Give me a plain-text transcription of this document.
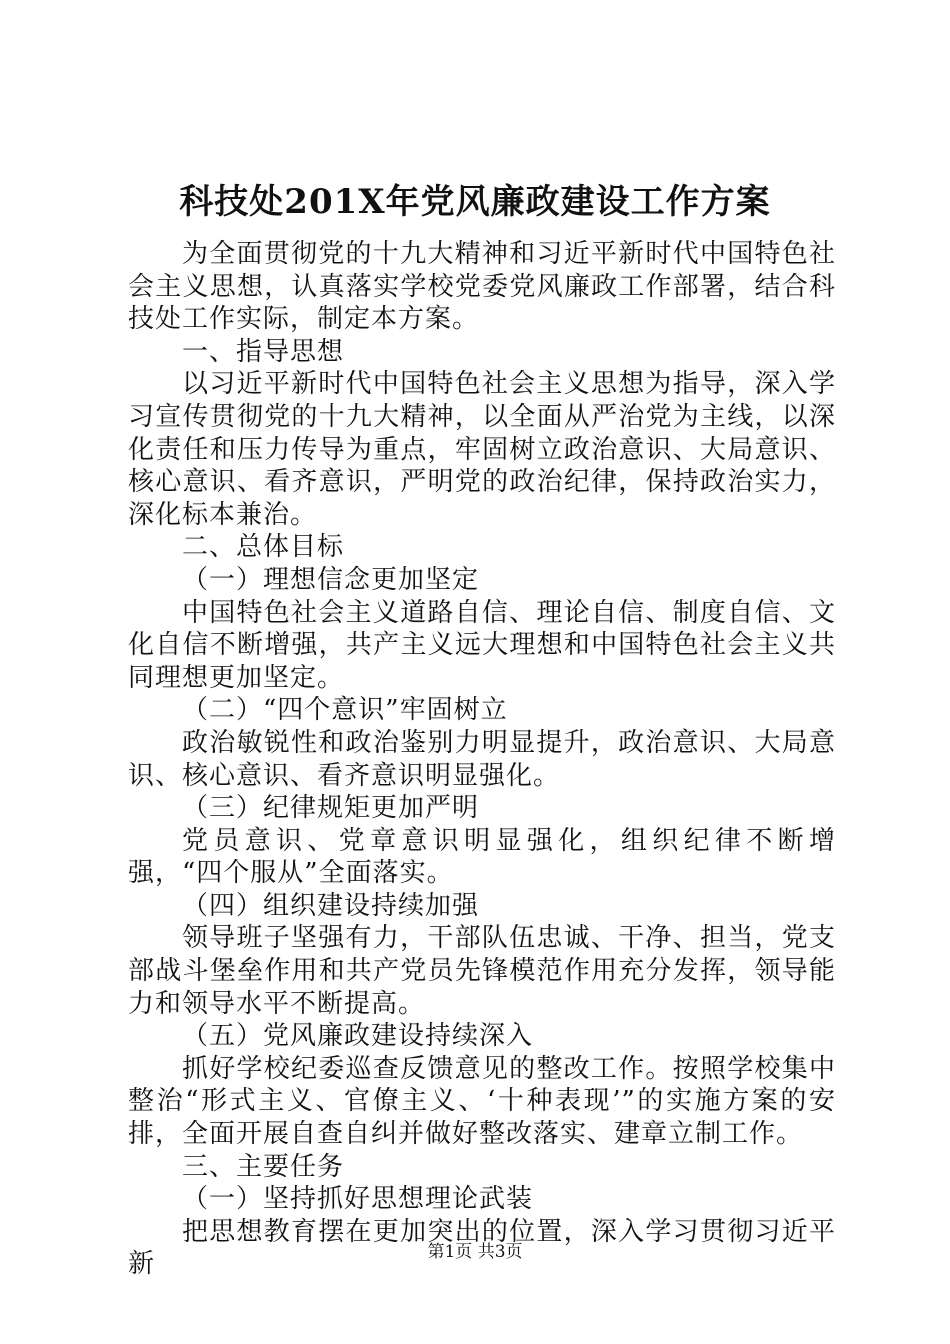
科技处201X年党风廉政建设工作方案

为全面贯彻党的十九大精神和习近平新时代中国特色社会主义思想，认真落实学校党委党风廉政工作部署，结合科技处工作实际，制定本方案。

一、指导思想

以习近平新时代中国特色社会主义思想为指导，深入学习宣传贯彻党的十九大精神，以全面从严治党为主线，以深化责任和压力传导为重点，牢固树立政治意识、大局意识、核心意识、看齐意识，严明党的政治纪律，保持政治实力，深化标本兼治。

二、总体目标

（一）理想信念更加坚定

中国特色社会主义道路自信、理论自信、制度自信、文化自信不断增强，共产主义远大理想和中国特色社会主义共同理想更加坚定。

（二）“四个意识”牢固树立

政治敏锐性和政治鉴别力明显提升，政治意识、大局意识、核心意识、看齐意识明显强化。

（三）纪律规矩更加严明

党员意识、党章意识明显强化，组织纪律不断增强，“四个服从”全面落实。

（四）组织建设持续加强

领导班子坚强有力，干部队伍忠诚、干净、担当，党支部战斗堡垒作用和共产党员先锋模范作用充分发挥，领导能力和领导水平不断提高。

（五）党风廉政建设持续深入

抓好学校纪委巡查反馈意见的整改工作。按照学校集中整治“形式主义、官僚主义、‘十种表现’”的实施方案的安排，全面开展自查自纠并做好整改落实、建章立制工作。

三、主要任务

（一）坚持抓好思想理论武装

把思想教育摆在更加突出的位置，深入学习贯彻习近平新	第1页 共3页
